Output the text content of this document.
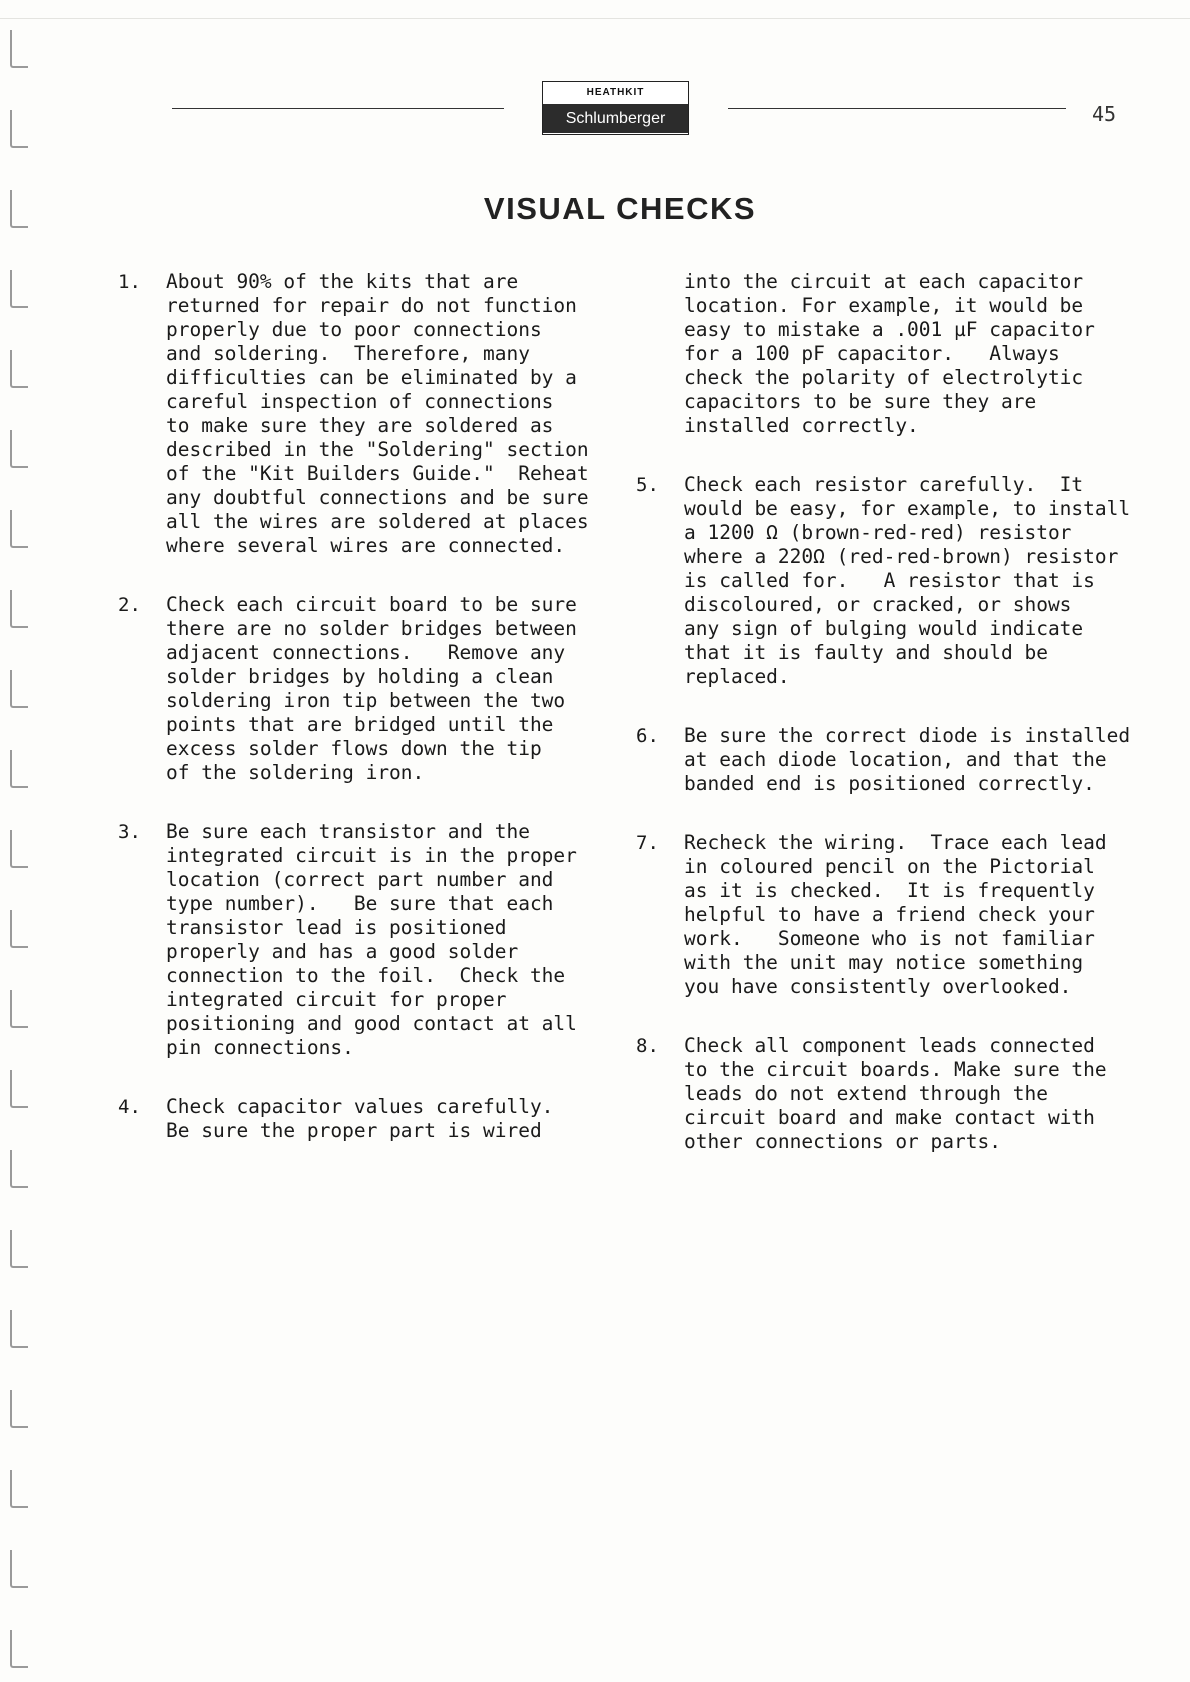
HEATHKIT
Schlumberger	45
VISUAL CHECKS
1.	About 90% of the kits that are
returned for repair do not function
properly due to poor connections
and soldering.  Therefore, many
difficulties can be eliminated by a
careful inspection of connections
to make sure they are soldered as
described in the "Soldering" section
of the "Kit Builders Guide."  Reheat
any doubtful connections and be sure
all the wires are soldered at places
where several wires are connected.
2.	Check each circuit board to be sure
there are no solder bridges between
adjacent connections.   Remove any
solder bridges by holding a clean
soldering iron tip between the two
points that are bridged until the
excess solder flows down the tip
of the soldering iron.
3.	Be sure each transistor and the
integrated circuit is in the proper
location (correct part number and
type number).   Be sure that each
transistor lead is positioned
properly and has a good solder
connection to the foil.  Check the
integrated circuit for proper
positioning and good contact at all
pin connections.
4.	Check capacitor values carefully.
Be sure the proper part is wired
into the circuit at each capacitor
location. For example, it would be
easy to mistake a .001 µF capacitor
for a 100 pF capacitor.   Always
check the polarity of electrolytic
capacitors to be sure they are
installed correctly.
5.	Check each resistor carefully.  It
would be easy, for example, to install
a 1200 Ω (brown-red-red) resistor
where a 220Ω (red-red-brown) resistor
is called for.   A resistor that is
discoloured, or cracked, or shows
any sign of bulging would indicate
that it is faulty and should be
replaced.
6.	Be sure the correct diode is installed
at each diode location, and that the
banded end is positioned correctly.
7.	Recheck the wiring.  Trace each lead
in coloured pencil on the Pictorial
as it is checked.  It is frequently
helpful to have a friend check your
work.   Someone who is not familiar
with the unit may notice something
you have consistently overlooked.
8.	Check all component leads connected
to the circuit boards. Make sure the
leads do not extend through the
circuit board and make contact with
other connections or parts.
